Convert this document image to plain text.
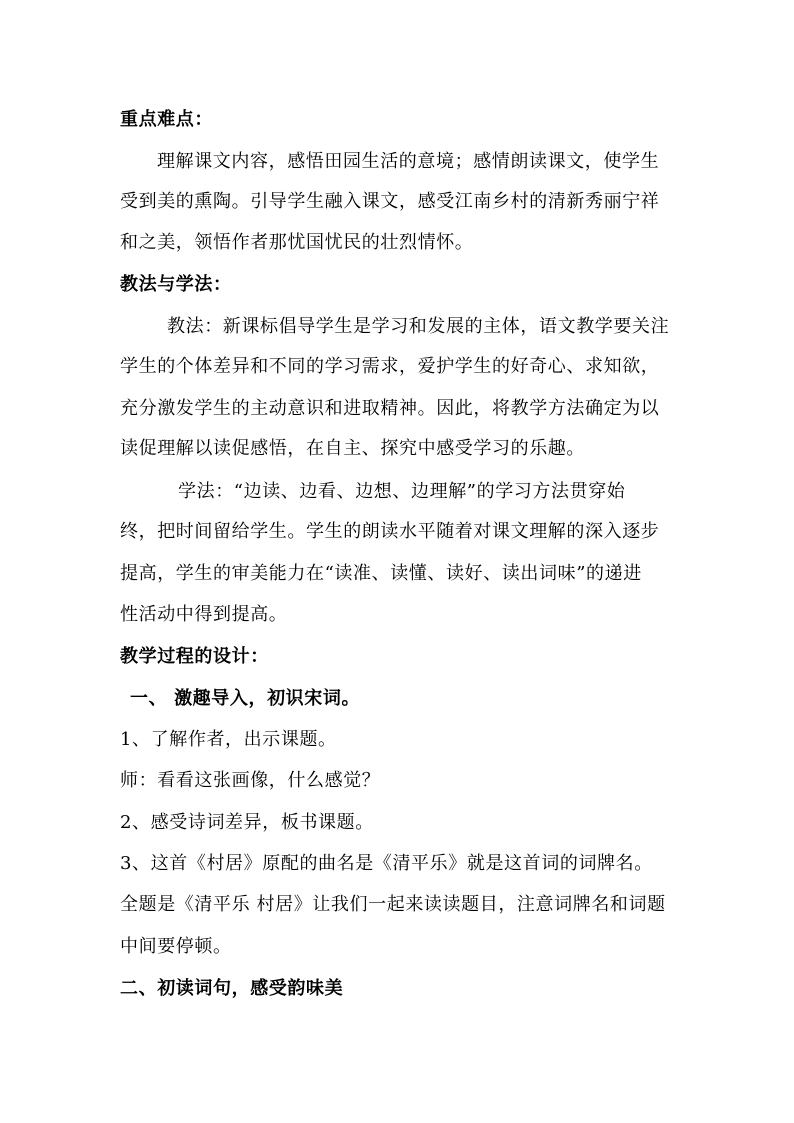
重点难点：
理解课文内容，感悟田园生活的意境；感情朗读课文，使学生
受到美的熏陶。引导学生融入课文，感受江南乡村的清新秀丽宁祥
和之美，领悟作者那忧国忧民的壮烈情怀。
教法与学法：
教法：新课标倡导学生是学习和发展的主体，语文教学要关注
学生的个体差异和不同的学习需求，爱护学生的好奇心、求知欲，
充分激发学生的主动意识和进取精神。因此，将教学方法确定为以
读促理解以读促感悟，在自主、探究中感受学习的乐趣。
学法：“边读、边看、边想、边理解”的学习方法贯穿始
终，把时间留给学生。学生的朗读水平随着对课文理解的深入逐步
提高，学生的审美能力在“读准、读懂、读好、读出词味”的递进
性活动中得到提高。
教学过程的设计：
一、 激趣导入，初识宋词。
1、了解作者，出示课题。
师：看看这张画像，什么感觉？
2、感受诗词差异，板书课题。
3、这首《村居》原配的曲名是《清平乐》就是这首词的词牌名。
全题是《清平乐 村居》让我们一起来读读题目，注意词牌名和词题
中间要停顿。
二、初读词句，感受韵味美
